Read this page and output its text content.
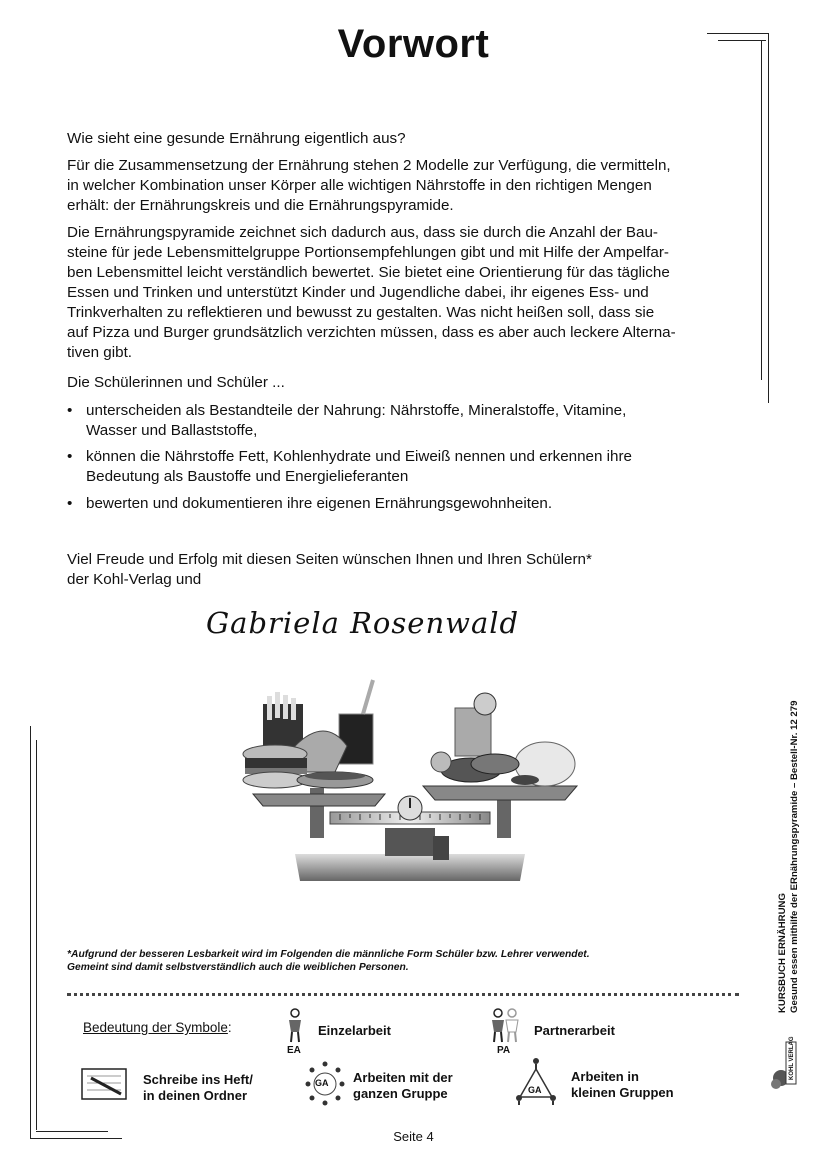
Vorwort
Wie sieht eine gesunde Ernährung eigentlich aus?
Für die Zusammensetzung der Ernährung stehen 2 Modelle zur Verfügung, die vermitteln,
in welcher Kombination unser Körper alle wichtigen Nährstoffe in den richtigen Mengen
erhält: der Ernährungskreis und die Ernährungspyramide.
Die Ernährungspyramide zeichnet sich dadurch aus, dass sie durch die Anzahl der Bau-
steine für jede Lebensmittelgruppe Portionsempfehlungen gibt und mit Hilfe der Ampelfar-
ben Lebensmittel leicht verständlich bewertet. Sie bietet eine Orientierung für das tägliche
Essen und Trinken und unterstützt Kinder und Jugendliche dabei, ihr eigenes Ess- und
Trinkverhalten zu reflektieren und bewusst zu gestalten. Was nicht heißen soll, dass sie
auf Pizza und Burger grundsätzlich verzichten müssen, dass es aber auch leckere Alterna-
tiven gibt.
Die Schülerinnen und Schüler ...
• unterscheiden als Bestandteile der Nahrung: Nährstoffe, Mineralstoffe, Vitamine,
Wasser und Ballaststoffe,
• können die Nährstoffe Fett, Kohlenhydrate und Eiweiß nennen und erkennen ihre
Bedeutung als Baustoffe und Energielieferanten
• bewerten und dokumentieren ihre eigenen Ernährungsgewohnheiten.
Viel Freude und Erfolg mit diesen Seiten wünschen Ihnen und Ihren Schülern*
der Kohl-Verlag und
Gabriela Rosenwald
*Aufgrund der besseren Lesbarkeit wird im Folgenden die männliche Form Schüler bzw. Lehrer verwendet.
Gemeint sind damit selbstverständlich auch die weiblichen Personen.
Bedeutung der Symbole:
EA
Einzelarbeit
PA
Partnerarbeit
Schreibe ins Heft/
in deinen Ordner
GA Arbeiten mit der
ganzen Gruppe	GA
Arbeiten in
kleinen Gruppen
KURSBUCH ERNÄHRUNG Gesund essen mithilfe der ERnährungspyramide – Bestell-Nr. 12 279
KOHL VERLAG
Seite 4
